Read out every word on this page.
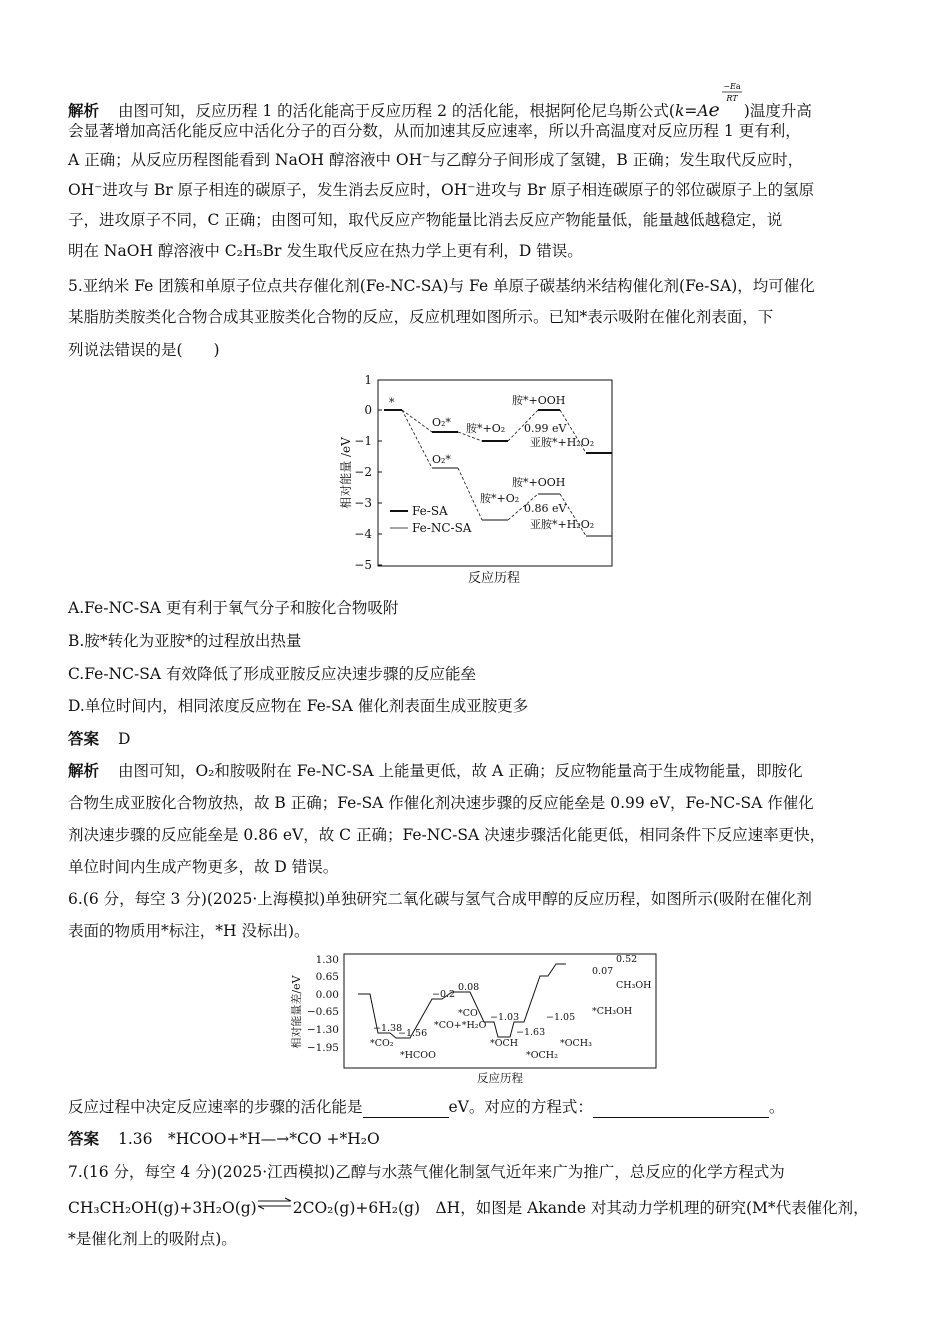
解析 由图可知，反应历程 1 的活化能高于反应历程 2 的活化能，根据阿伦尼乌斯公式(k=Ae
−Ea
RT
)温度升高
会显著增加高活化能反应中活化分子的百分数，从而加速其反应速率，所以升高温度对反应历程 1 更有利，
A 正确；从反应历程图能看到 NaOH 醇溶液中 OH⁻与乙醇分子间形成了氢键，B 正确；发生取代反应时，
OH⁻进攻与 Br 原子相连的碳原子，发生消去反应时，OH⁻进攻与 Br 原子相连碳原子的邻位碳原子上的氢原
子，进攻原子不同，C 正确；由图可知，取代反应产物能量比消去反应产物能量低，能量越低越稳定，说
明在 NaOH 醇溶液中 C₂H₅Br 发生取代反应在热力学上更有利，D 错误。
5.亚纳米 Fe 团簇和单原子位点共存催化剂(Fe-NC-SA)与 Fe 单原子碳基纳米结构催化剂(Fe-SA)，均可催化
某脂肪类胺类化合物合成其亚胺类化合物的反应，反应机理如图所示。已知*表示吸附在催化剂表面，下
列说法错误的是(　　)
1
0
−1
−2
−3
−4
−5
相对能量 /eV
反应历程
*
O₂* 胺*+O₂
胺*+OOH
0.99 eV
亚胺*+H₂O₂
O₂*
胺*+O₂
胺*+OOH
0.86 eV
亚胺*+H₂O₂
Fe-SA
Fe-NC-SA
A.Fe-NC-SA 更有利于氧气分子和胺化合物吸附
B.胺*转化为亚胺*的过程放出热量
C.Fe-NC-SA 有效降低了形成亚胺反应决速步骤的反应能垒
D.单位时间内，相同浓度反应物在 Fe-SA 催化剂表面生成亚胺更多
答案 D
解析 由图可知，O₂和胺吸附在 Fe-NC-SA 上能量更低，故 A 正确；反应物能量高于生成物能量，即胺化
合物生成亚胺化合物放热，故 B 正确；Fe-SA 作催化剂决速步骤的反应能垒是 0.99 eV，Fe-NC-SA 作催化
剂决速步骤的反应能垒是 0.86 eV，故 C 正确；Fe-NC-SA 决速步骤活化能更低，相同条件下反应速率更快，
单位时间内生成产物更多，故 D 错误。
6.(6 分，每空 3 分)(2025·上海模拟)单独研究二氧化碳与氢气合成甲醇的反应历程，如图所示(吸附在催化剂
表面的物质用*标注，*H 没标出)。
1.30
0.65
0.00
−0.65
−1.30
−1.95
相对能量差/eV
反应历程
−1.38
−1.56
−0.2
0.08
−1.03
−1.63
−1.05
0.07
0.52
*CO₂
*HCOO
*CO+*H₂O
*CO
*OCH
*OCH₂
*OCH₃
*CH₃OH
CH₃OH
反应过程中决定反应速率的步骤的活化能是	eV。对应的方程式：	。
答案 1.36　*HCOO+*H—→*CO +*H₂O
7.(16 分，每空 4 分)(2025·江西模拟)乙醇与水蒸气催化制氢气近年来广为推广，总反应的化学方程式为
CH₃CH₂OH(g)+3H₂O(g)⇌2CO₂(g)+6H₂(g)　ΔH，如图是 Akande 对其动力学机理的研究(M*代表催化剂，
*是催化剂上的吸附点)。
